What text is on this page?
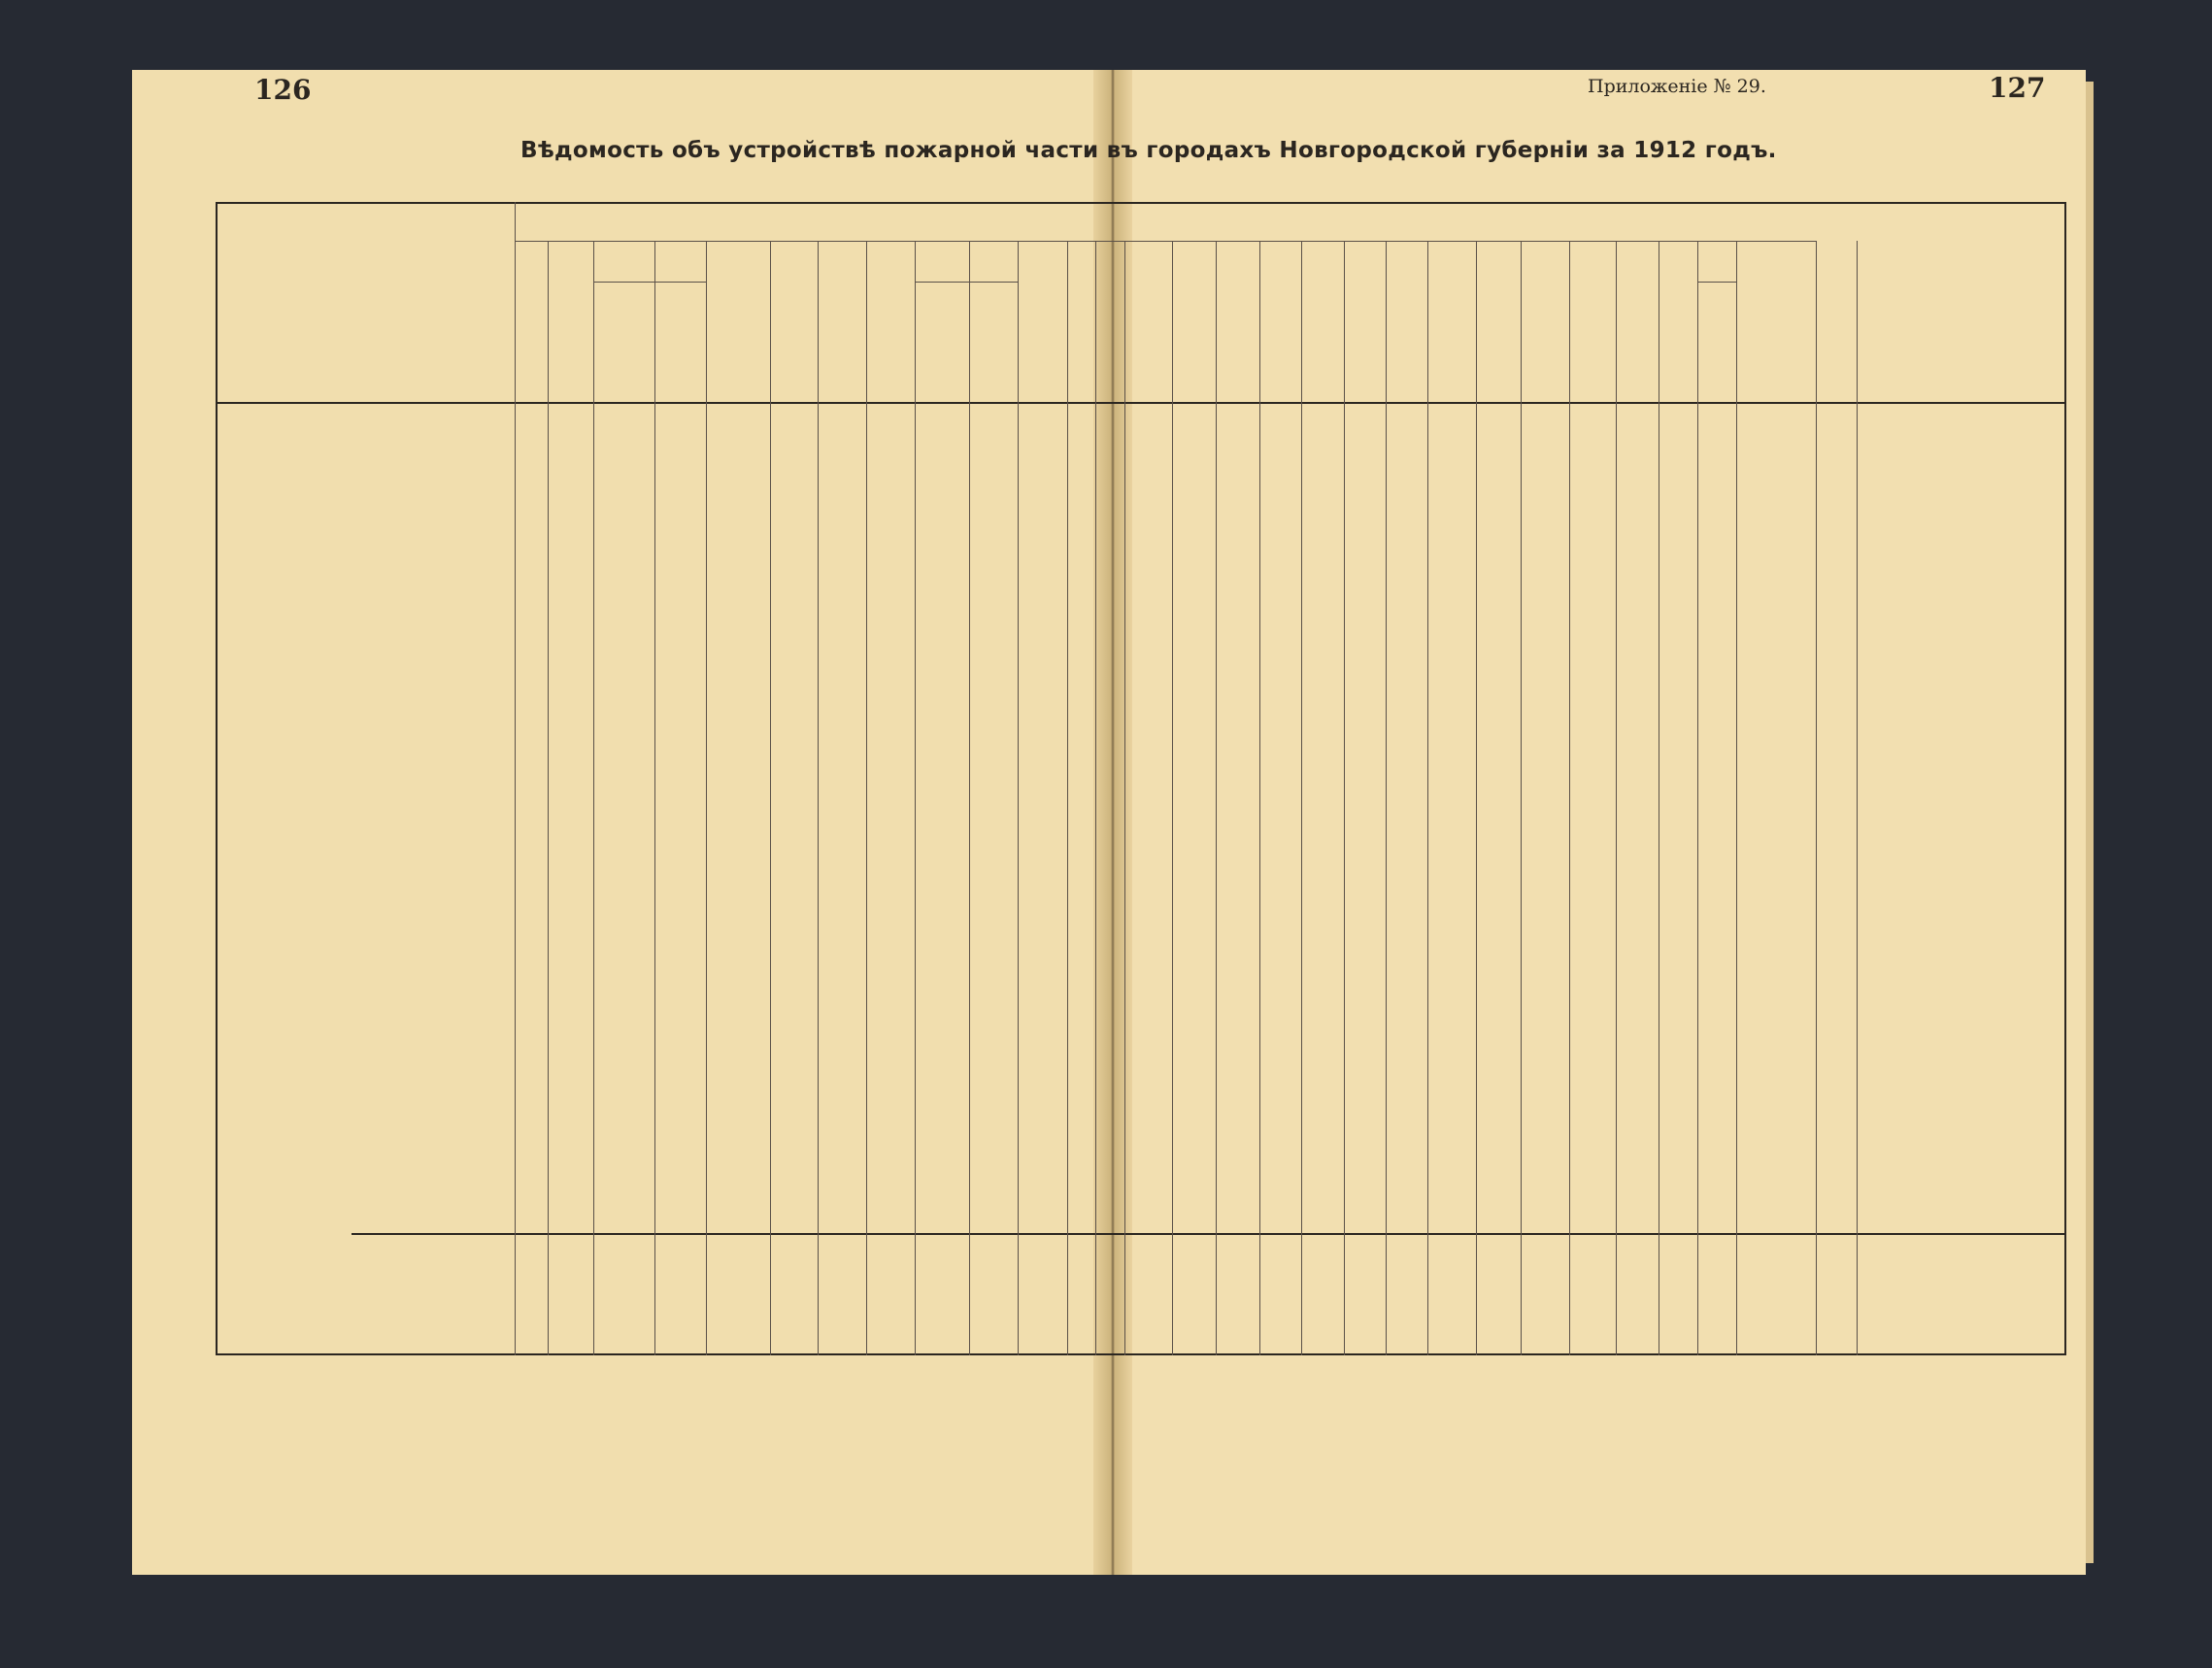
126	127
Приложеніе № 29.
Вѣдомость объ устройствѣ пожарной части въ городахъ Новгородской губерніи за 1912 годъ.
